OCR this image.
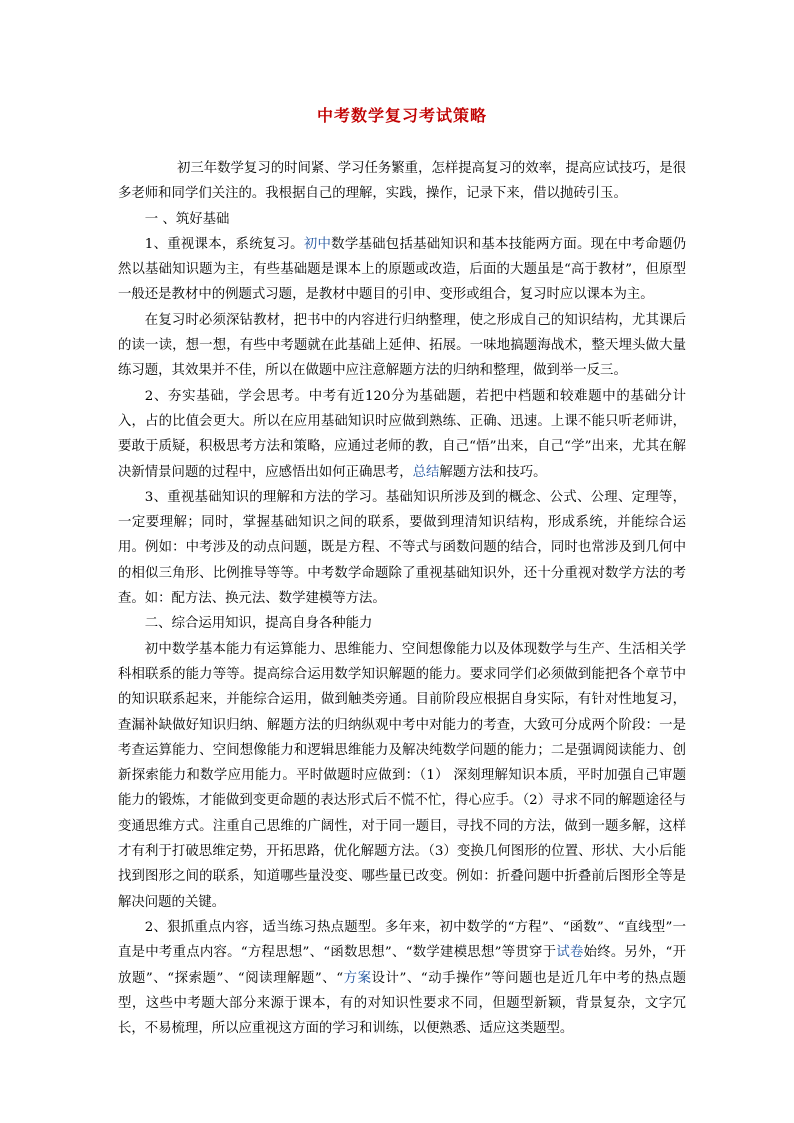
中考数学复习考试策略

初三年数学复习的时间紧、学习任务繁重，怎样提高复习的效率，提高应试技巧，是很多老师和同学们关注的。我根据自己的理解，实践，操作，记录下来，借以抛砖引玉。

一 、筑好基础

1、重视课本，系统复习。初中数学基础包括基础知识和基本技能两方面。现在中考命题仍然以基础知识题为主，有些基础题是课本上的原题或改造，后面的大题虽是“高于教材”，但原型一般还是教材中的例题式习题，是教材中题目的引申、变形或组合，复习时应以课本为主。

在复习时必须深钻教材，把书中的内容进行归纳整理，使之形成自己的知识结构，尤其课后的读一读，想一想，有些中考题就在此基础上延伸、拓展。一味地搞题海战术，整天埋头做大量练习题，其效果并不佳，所以在做题中应注意解题方法的归纳和整理，做到举一反三。

2、夯实基础，学会思考。中考有近120分为基础题，若把中档题和较难题中的基础分计入，占的比值会更大。所以在应用基础知识时应做到熟练、正确、迅速。上课不能只听老师讲，要敢于质疑，积极思考方法和策略，应通过老师的教，自己“悟”出来，自己“学”出来，尤其在解决新情景问题的过程中，应感悟出如何正确思考，总结解题方法和技巧。

3、重视基础知识的理解和方法的学习。基础知识所涉及到的概念、公式、公理、定理等，一定要理解；同时，掌握基础知识之间的联系，要做到理清知识结构，形成系统，并能综合运用。例如：中考涉及的动点问题，既是方程、不等式与函数问题的结合，同时也常涉及到几何中的相似三角形、比例推导等等。中考数学命题除了重视基础知识外，还十分重视对数学方法的考查。如：配方法、换元法、数学建模等方法。

二、综合运用知识，提高自身各种能力

初中数学基本能力有运算能力、思维能力、空间想像能力以及体现数学与生产、生活相关学科相联系的能力等等。提高综合运用数学知识解题的能力。要求同学们必须做到能把各个章节中的知识联系起来，并能综合运用，做到触类旁通。目前阶段应根据自身实际，有针对性地复习，查漏补缺做好知识归纳、解题方法的归纳纵观中考中对能力的考查，大致可分成两个阶段：一是考查运算能力、空间想像能力和逻辑思维能力及解决纯数学问题的能力；二是强调阅读能力、创新探索能力和数学应用能力。平时做题时应做到：（1） 深刻理解知识本质，平时加强自己审题能力的锻炼，才能做到变更命题的表达形式后不慌不忙，得心应手。（2）寻求不同的解题途径与变通思维方式。注重自己思维的广阔性，对于同一题目，寻找不同的方法，做到一题多解，这样才有利于打破思维定势，开拓思路，优化解题方法。（3）变换几何图形的位置、形状、大小后能找到图形之间的联系，知道哪些量没变、哪些量已改变。例如：折叠问题中折叠前后图形全等是解决问题的关键。

2、狠抓重点内容，适当练习热点题型。多年来，初中数学的“方程”、“函数”、“直线型”一直是中考重点内容。“方程思想”、“函数思想”、“数学建模思想”等贯穿于试卷始终。另外，“开放题”、“探索题”、“阅读理解题”、“方案设计”、“动手操作”等问题也是近几年中考的热点题型，这些中考题大部分来源于课本，有的对知识性要求不同，但题型新颖，背景复杂，文字冗长，不易梳理，所以应重视这方面的学习和训练，以便熟悉、适应这类题型。
